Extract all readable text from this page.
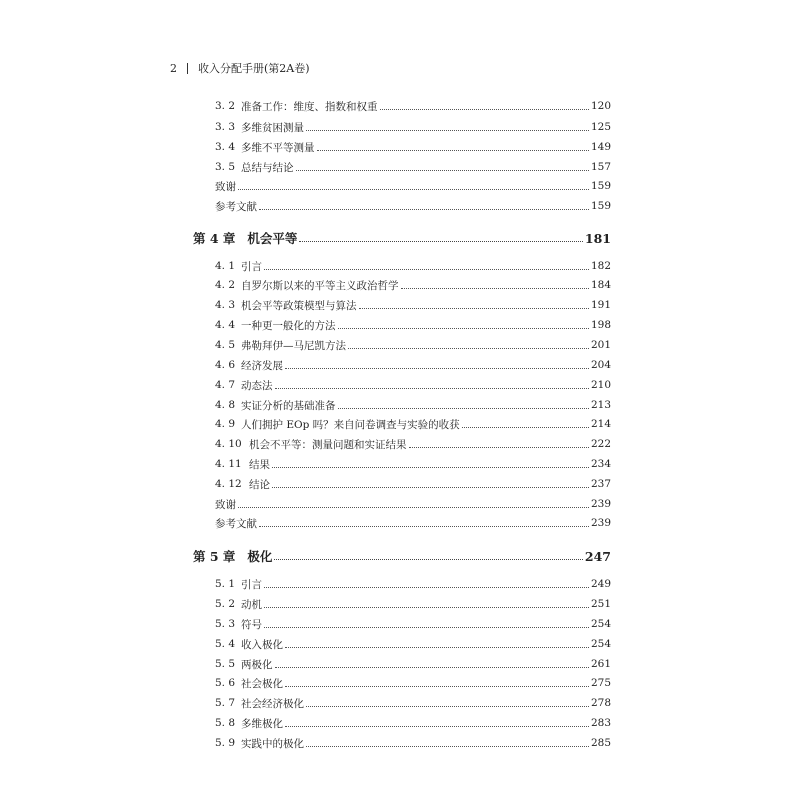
2 收入分配手册(第2A卷)
3. 2 准备工作：维度、指数和权重	120
3. 3 多维贫困测量	125
3. 4 多维不平等测量	149
3. 5 总结与结论	157
致谢	159
参考文献	159
第 4 章 机会平等	181
4. 1 引言	182
4. 2 自罗尔斯以来的平等主义政治哲学	184
4. 3 机会平等政策模型与算法	191
4. 4 一种更一般化的方法	198
4. 5 弗勒拜伊—马尼凯方法	201
4. 6 经济发展	204
4. 7 动态法	210
4. 8 实证分析的基础准备	213
4. 9 人们拥护 EOp 吗？来自问卷调查与实验的收获	214
4. 10 机会不平等：测量问题和实证结果	222
4. 11 结果	234
4. 12 结论	237
致谢	239
参考文献	239
第 5 章 极化	247
5. 1 引言	249
5. 2 动机	251
5. 3 符号	254
5. 4 收入极化	254
5. 5 两极化	261
5. 6 社会极化	275
5. 7 社会经济极化	278
5. 8 多维极化	283
5. 9 实践中的极化	285
